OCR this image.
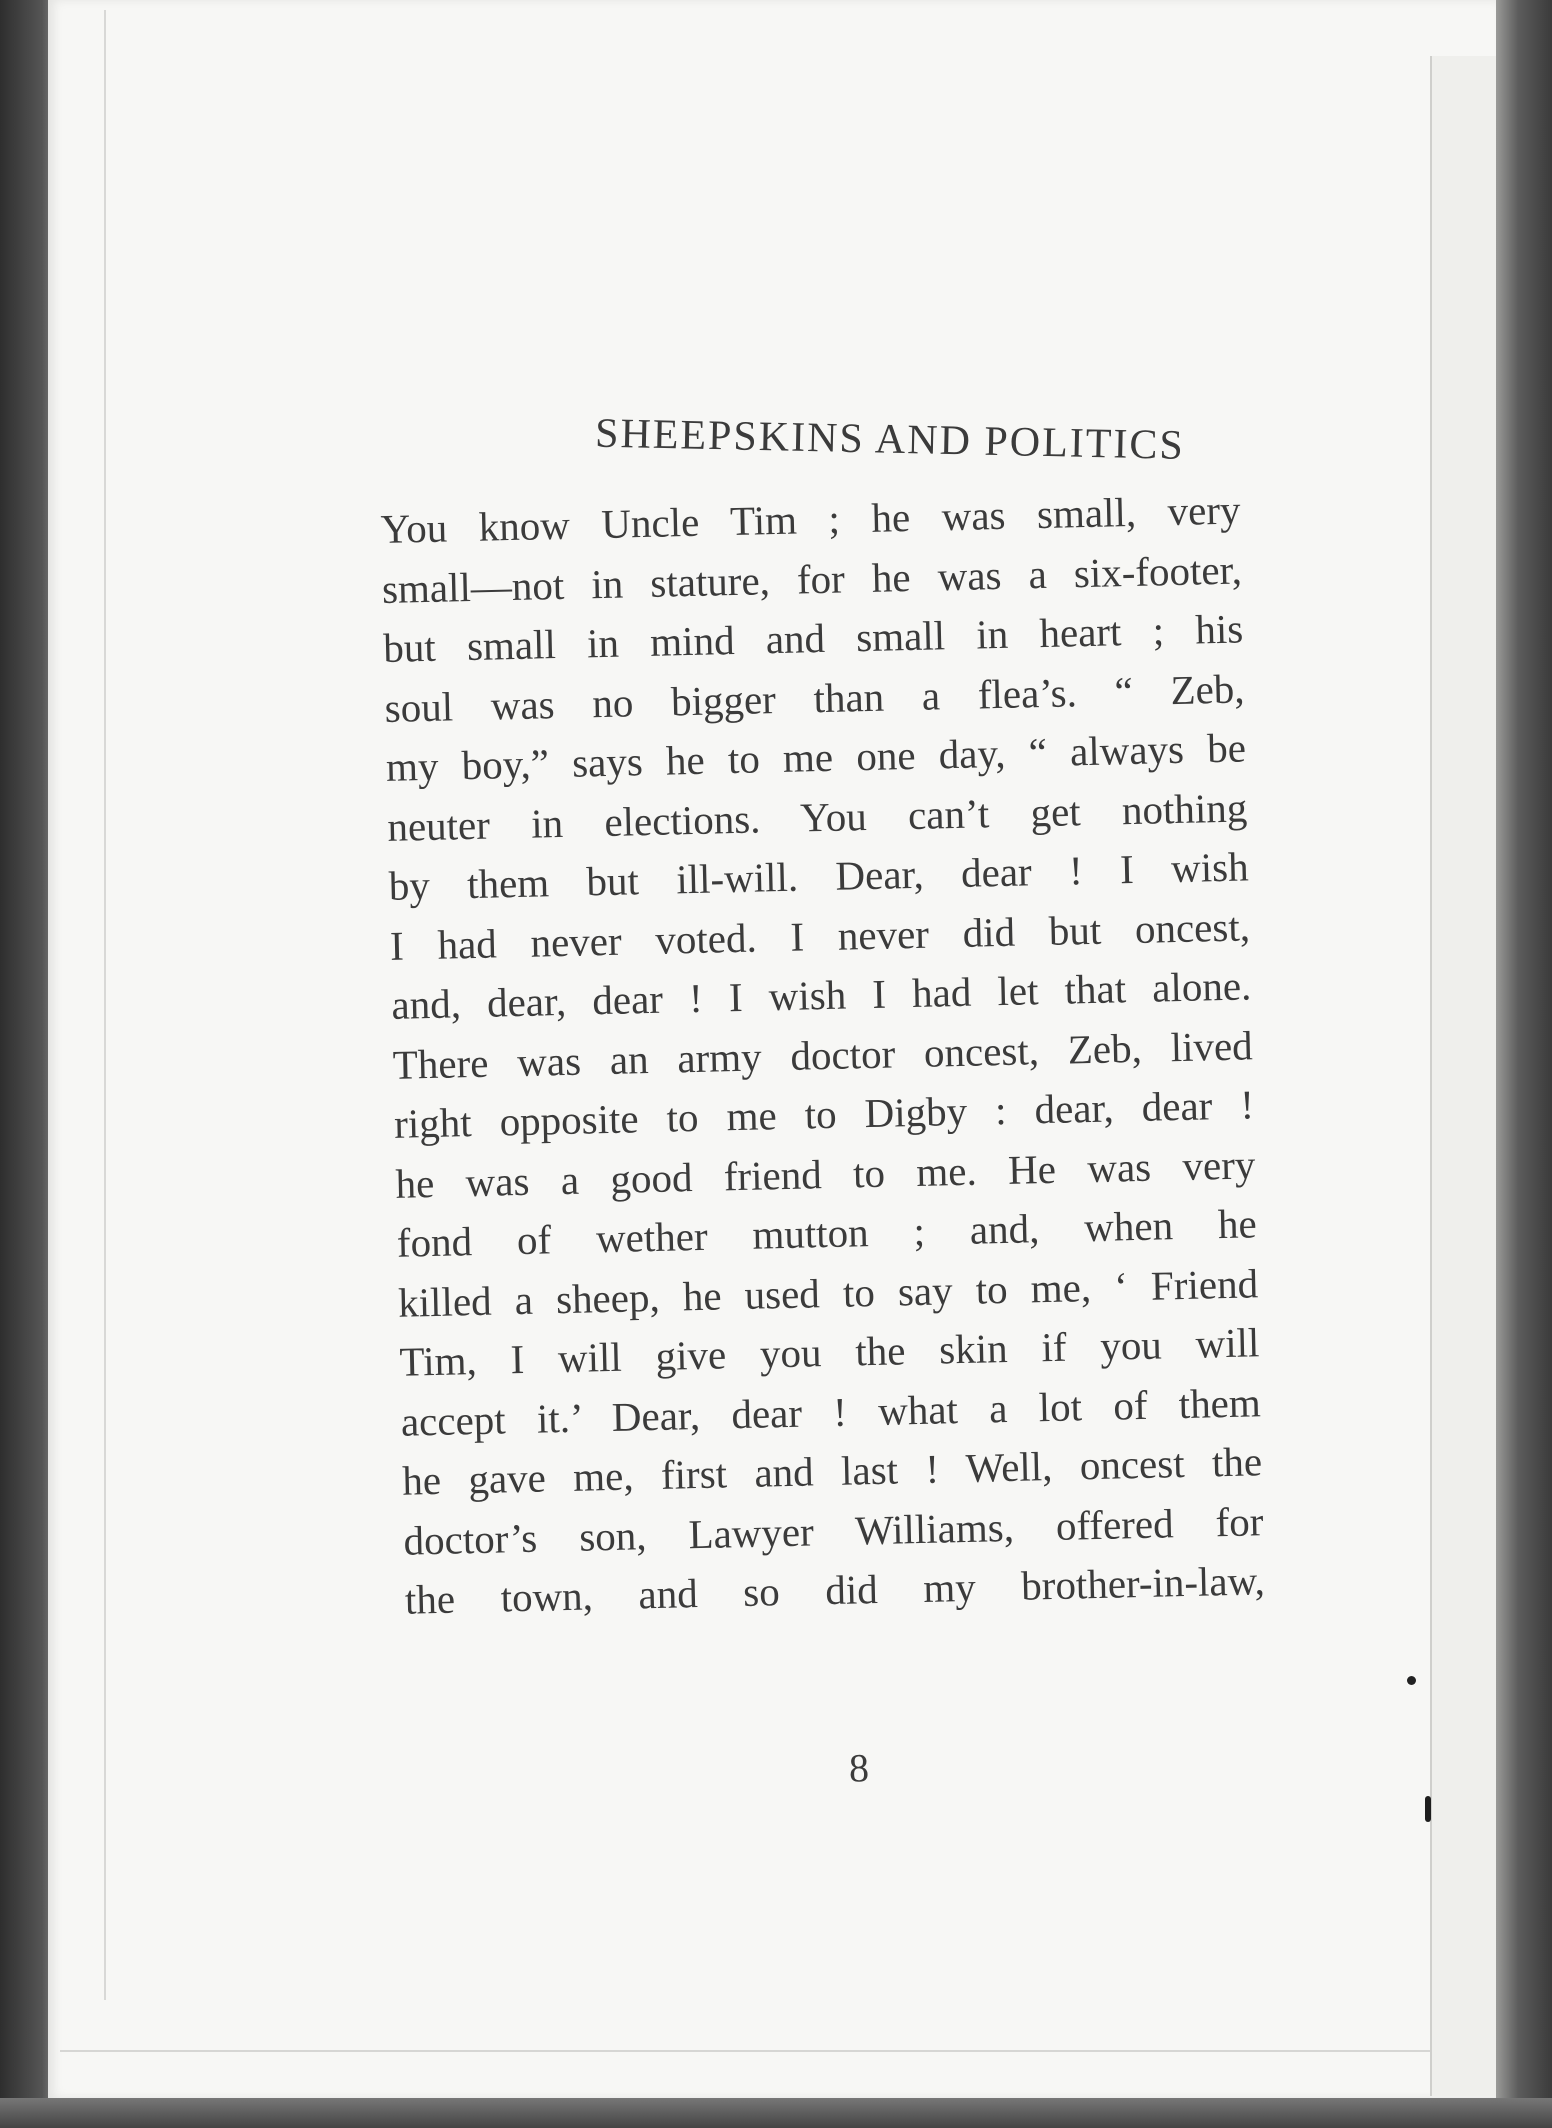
SHEEPSKINS AND POLITICS
You know Uncle Tim ; he was small, very
small—not in stature, for he was a six-footer,
but small in mind and small in heart ; his
soul was no bigger than a flea’s. “ Zeb,
my boy,” says he to me one day, “ always be
neuter in elections. You can’t get nothing
by them but ill-will. Dear, dear ! I wish
I had never voted. I never did but oncest,
and, dear, dear ! I wish I had let that alone.
There was an army doctor oncest, Zeb, lived
right opposite to me to Digby : dear, dear !
he was a good friend to me. He was very
fond of wether mutton ; and, when he
killed a sheep, he used to say to me, ‘ Friend
Tim, I will give you the skin if you will
accept it.’ Dear, dear ! what a lot of them
he gave me, first and last ! Well, oncest the
doctor’s son, Lawyer Williams, offered for
the town, and so did my brother-in-law,
8
